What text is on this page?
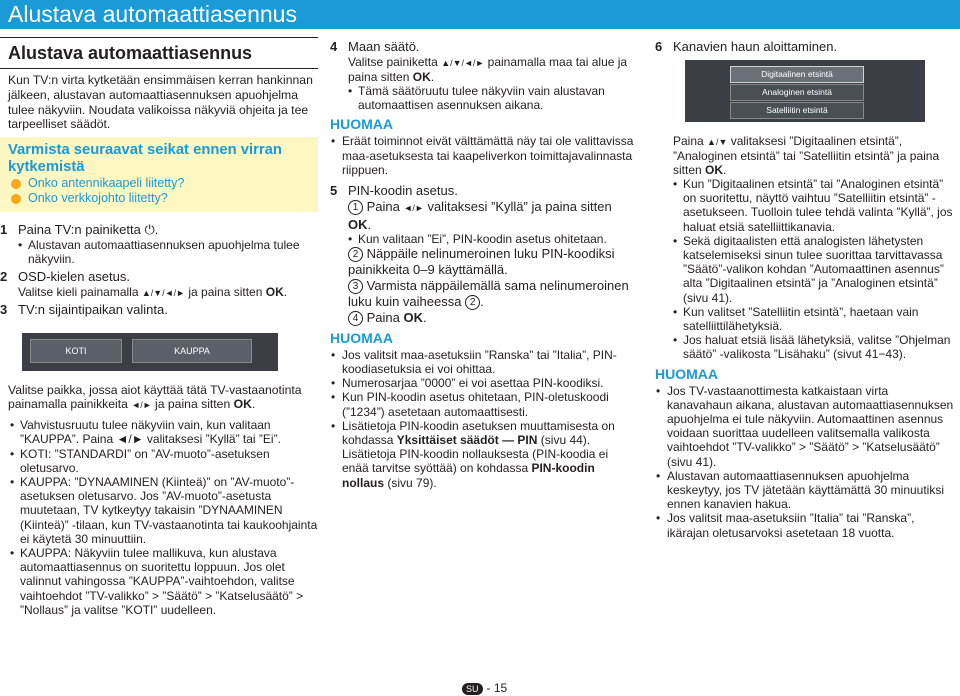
Alustava automaattiasennus
Alustava automaattiasennus

Kun TV:n virta kytketään ensimmäisen kerran hankinnan jälkeen, alustavan automaattiasennuksen apuohjelma tulee näkyviin. Noudata valikoissa näkyviä ohjeita ja tee tarpeelliset säädöt.

Varmista seuraavat seikat ennen virran kytkemistä
Onko antennikaapeli liitetty?
Onko verkkojohto liitetty?
1 Paina TV:n painiketta ⏻.
• Alustavan automaattiasennuksen apuohjelma tulee näkyviin.
2 OSD-kielen asetus.
Valitse kieli painamalla ▲/▼/◄/► ja paina sitten OK.
3 TV:n sijaintipaikan valinta.
KOTI	KAUPPA

Valitse paikka, jossa aiot käyttää tätä TV-vastaanotinta painamalla painikkeita ◄/► ja paina sitten OK.

• Vahvistusruutu tulee näkyviin vain, kun valitaan ”KAUPPA”. Paina ◄/► valitaksesi ”Kyllä” tai ”Ei”.
• KOTI: ”STANDARDI” on ”AV-muoto”-asetuksen oletusarvo.
• KAUPPA: ”DYNAAMINEN (Kiinteä)” on ”AV-muoto”-asetuksen oletusarvo. Jos ”AV-muoto”-asetusta muutetaan, TV kytkeytyy takaisin ”DYNAAMINEN (Kiinteä)” -tilaan, kun TV-vastaanotinta tai kaukoohjainta ei käytetä 30 minuuttiin.
• KAUPPA: Näkyviin tulee mallikuva, kun alustava automaattiasennus on suoritettu loppuun. Jos olet valinnut vahingossa ”KAUPPA”-vaihtoehdon, valitse vaihtoehdot ”TV-valikko” > ”Säätö” > ”Katselusäätö” > ”Nollaus” ja valitse ”KOTI” uudelleen.
4 Maan säätö.
Valitse painiketta ▲/▼/◄/► painamalla maa tai alue ja paina sitten OK.
• Tämä säätöruutu tulee näkyviin vain alustavan automaattisen asennuksen aikana.
HUOMAA
• Eräät toiminnot eivät välttämättä näy tai ole valittavissa maa-asetuksesta tai kaapeliverkon toimittajavalinnasta riippuen.
5 PIN-koodin asetus.
1 Paina ◄/► valitaksesi ”Kyllä” ja paina sitten OK.
• Kun valitaan ”Ei”, PIN-koodin asetus ohitetaan.
2 Näppäile nelinumeroinen luku PIN-koodiksi painikkeita 0–9 käyttämällä.
3 Varmista näppäilemällä sama nelinumeroinen luku kuin vaiheessa 2 .
4 Paina OK.
HUOMAA
• Jos valitsit maa-asetuksiin ”Ranska” tai ”Italia”, PIN-koodiasetuksia ei voi ohittaa.
• Numerosarjaa ”0000” ei voi asettaa PIN-koodiksi.
• Kun PIN-koodin asetus ohitetaan, PIN-oletuskoodi (”1234”) asetetaan automaattisesti.
• Lisätietoja PIN-koodin asetuksen muuttamisesta on kohdassa Yksittäiset säädöt — PIN (sivu 44). Lisätietoja PIN-koodin nollauksesta (PIN-koodia ei enää tarvitse syöttää) on kohdassa PIN-koodin nollaus (sivu 79).
6 Kanavien haun aloittaminen.
Digitaalinen etsintä
Analoginen etsintä
Satelliitin etsintä
Paina ▲/▼ valitaksesi ”Digitaalinen etsintä”, ”Analoginen etsintä” tai ”Satelliitin etsintä” ja paina sitten OK.
• Kun ”Digitaalinen etsintä” tai ”Analoginen etsintä” on suoritettu, näyttö vaihtuu ”Satelliitin etsintä” -asetukseen. Tuolloin tulee tehdä valinta ”Kyllä”, jos haluat etsiä satelliittikanavia.
• Sekä digitaalisten että analogisten lähetysten katselemiseksi sinun tulee suorittaa tarvittavassa ”Säätö”-valikon kohdan ”Automaattinen asennus” alta ”Digitaalinen etsintä” ja ”Analoginen etsintä” (sivu 41).
• Kun valitset ”Satelliitin etsintä”, haetaan vain satelliittilähetyksiä.
• Jos haluat etsiä lisää lähetyksiä, valitse ”Ohjelman säätö” -valikosta ”Lisähaku” (sivut 41−43).
HUOMAA
• Jos TV-vastaanottimesta katkaistaan virta kanavahaun aikana, alustavan automaattiasennuksen apuohjelma ei tule näkyviin. Automaattinen asennus voidaan suorittaa uudelleen valitsemalla valikosta vaihtoehdot ”TV-valikko” > ”Säätö” > ”Katselusäätö” (sivu 41).
• Alustavan automaattiasennuksen apuohjelma keskeytyy, jos TV jätetään käyttämättä 30 minuutiksi ennen kanavien hakua.
• Jos valitsit maa-asetuksiin ”Italia” tai ”Ranska”, ikärajan oletusarvoksi asetetaan 18 vuotta.
SU - 15
